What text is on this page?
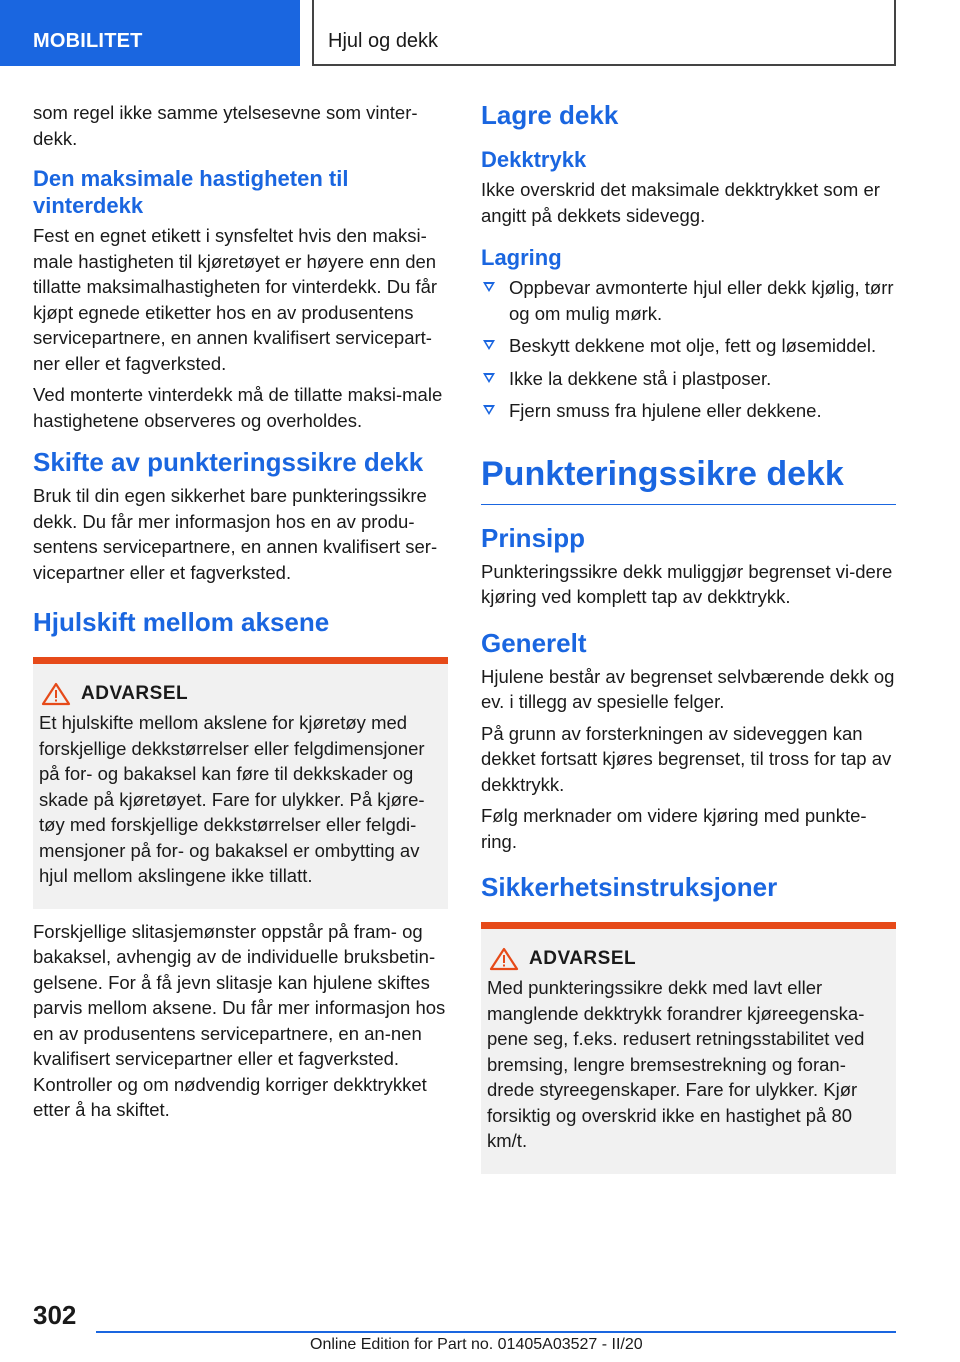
MOBILITET	Hjul og dekk

som regel ikke samme ytelsesevne som vinter-dekk.

Den maksimale hastigheten til vinterdekk

Fest en egnet etikett i synsfeltet hvis den maksi-male hastigheten til kjøretøyet er høyere enn den tillatte maksimalhastigheten for vinterdekk. Du får kjøpt egnede etiketter hos en av produsentens servicepartnere, en annen kvalifisert servicepart-ner eller et fagverksted.

Ved monterte vinterdekk må de tillatte maksi-male hastighetene observeres og overholdes.

Skifte av punkteringssikre dekk

Bruk til din egen sikkerhet bare punkteringssikre dekk. Du får mer informasjon hos en av produ-sentens servicepartnere, en annen kvalifisert ser-vicepartner eller et fagverksted.

Hjulskift mellom aksene
ADVARSEL

Et hjulskifte mellom akslene for kjøretøy med forskjellige dekkstørrelser eller felgdimensjoner på for- og bakaksel kan føre til dekkskader og skade på kjøretøyet. Fare for ulykker. På kjøre-tøy med forskjellige dekkstørrelser eller felgdi-mensjoner på for- og bakaksel er ombytting av hjul mellom akslingene ikke tillatt.

Forskjellige slitasjemønster oppstår på fram- og bakaksel, avhengig av de individuelle bruksbetin-gelsene. For å få jevn slitasje kan hjulene skiftes parvis mellom aksene. Du får mer informasjon hos en av produsentens servicepartnere, en an-nen kvalifisert servicepartner eller et fagverksted. Kontroller og om nødvendig korriger dekktrykket etter å ha skiftet.

Lagre dekk
Dekktrykk

Ikke overskrid det maksimale dekktrykket som er angitt på dekkets sidevegg.

Lagring
Oppbevar avmonterte hjul eller dekk kjølig, tørr og om mulig mørk.
Beskytt dekkene mot olje, fett og løsemiddel.
Ikke la dekkene stå i plastposer.
Fjern smuss fra hjulene eller dekkene.
Punkteringssikre dekk
Prinsipp

Punkteringssikre dekk muliggjør begrenset vi-dere kjøring ved komplett tap av dekktrykk.

Generelt

Hjulene består av begrenset selvbærende dekk og ev. i tillegg av spesielle felger.

På grunn av forsterkningen av sideveggen kan dekket fortsatt kjøres begrenset, til tross for tap av dekktrykk.

Følg merknader om videre kjøring med punkte-ring.

Sikkerhetsinstruksjoner
ADVARSEL

Med punkteringssikre dekk med lavt eller manglende dekktrykk forandrer kjøreegenska-pene seg, f.eks. redusert retningsstabilitet ved bremsing, lengre bremsestrekning og foran-drede styreegenskaper. Fare for ulykker. Kjør forsiktig og overskrid ikke en hastighet på 80 km/t.

302
Online Edition for Part no. 01405A03527 - II/20
